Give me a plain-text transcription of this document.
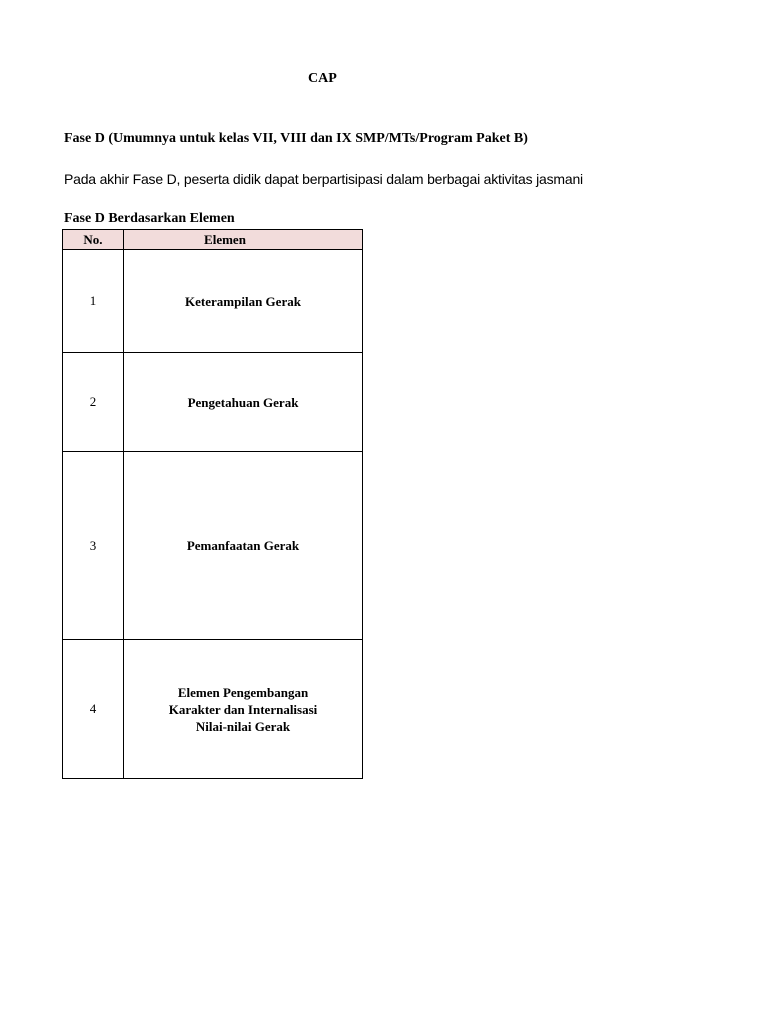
CAP
Fase D (Umumnya untuk kelas VII, VIII dan IX SMP/MTs/Program Paket B)
Pada akhir Fase D, peserta didik dapat berpartisipasi dalam berbagai aktivitas jasmani
Fase D Berdasarkan Elemen
No.	Elemen
1	Keterampilan Gerak

2	Pengetahuan Gerak

3	Pemanfaatan Gerak

4	Elemen Pengembangan Karakter dan Internalisasi Nilai-nilai Gerak
